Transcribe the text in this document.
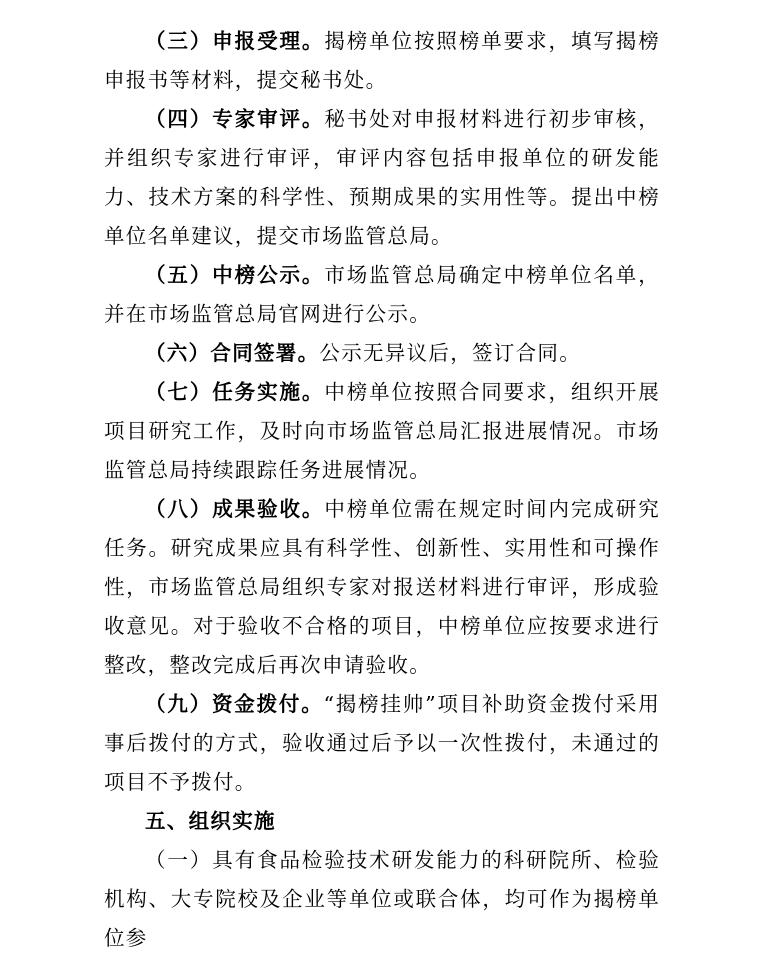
（三）申报受理。揭榜单位按照榜单要求，填写揭榜申报书等材料，提交秘书处。

（四）专家审评。秘书处对申报材料进行初步审核，并组织专家进行审评，审评内容包括申报单位的研发能力、技术方案的科学性、预期成果的实用性等。提出中榜单位名单建议，提交市场监管总局。

（五）中榜公示。市场监管总局确定中榜单位名单，并在市场监管总局官网进行公示。

（六）合同签署。公示无异议后，签订合同。

（七）任务实施。中榜单位按照合同要求，组织开展项目研究工作，及时向市场监管总局汇报进展情况。市场监管总局持续跟踪任务进展情况。

（八）成果验收。中榜单位需在规定时间内完成研究任务。研究成果应具有科学性、创新性、实用性和可操作性，市场监管总局组织专家对报送材料进行审评，形成验收意见。对于验收不合格的项目，中榜单位应按要求进行整改，整改完成后再次申请验收。

（九）资金拨付。“揭榜挂帅”项目补助资金拨付采用事后拨付的方式，验收通过后予以一次性拨付，未通过的项目不予拨付。

五、组织实施

（一）具有食品检验技术研发能力的科研院所、检验机构、大专院校及企业等单位或联合体，均可作为揭榜单位参
